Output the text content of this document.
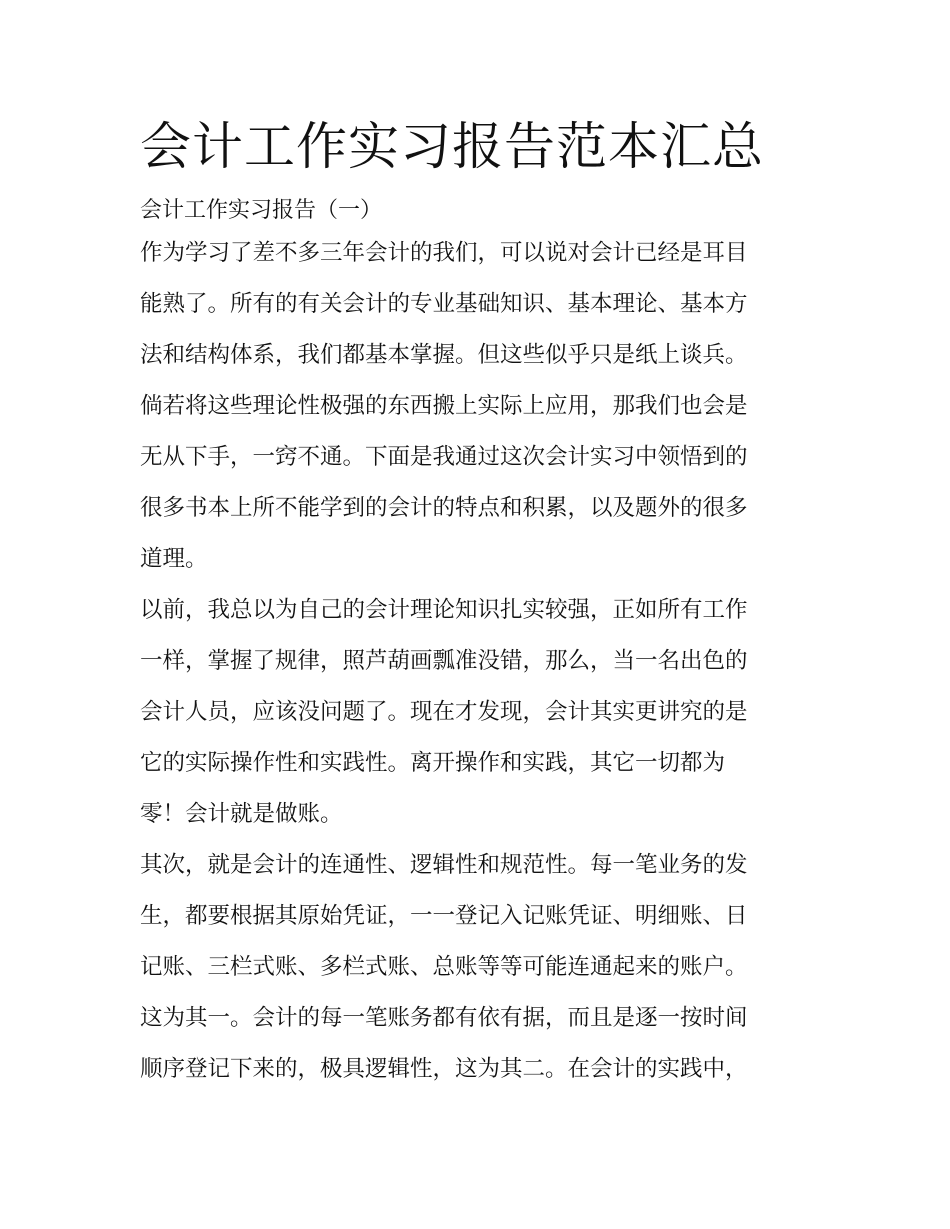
会计工作实习报告范本汇总
会计工作实习报告（一）
作为学习了差不多三年会计的我们，可以说对会计已经是耳目
能熟了。所有的有关会计的专业基础知识、基本理论、基本方
法和结构体系，我们都基本掌握。但这些似乎只是纸上谈兵。
倘若将这些理论性极强的东西搬上实际上应用，那我们也会是
无从下手，一窍不通。下面是我通过这次会计实习中领悟到的
很多书本上所不能学到的会计的特点和积累，以及题外的很多
道理。
以前，我总以为自己的会计理论知识扎实较强，正如所有工作
一样，掌握了规律，照芦葫画瓢准没错，那么，当一名出色的
会计人员，应该没问题了。现在才发现，会计其实更讲究的是
它的实际操作性和实践性。离开操作和实践，其它一切都为
零！会计就是做账。
其次，就是会计的连通性、逻辑性和规范性。每一笔业务的发
生，都要根据其原始凭证，一一登记入记账凭证、明细账、日
记账、三栏式账、多栏式账、总账等等可能连通起来的账户。
这为其一。会计的每一笔账务都有依有据，而且是逐一按时间
顺序登记下来的，极具逻辑性，这为其二。在会计的实践中，
